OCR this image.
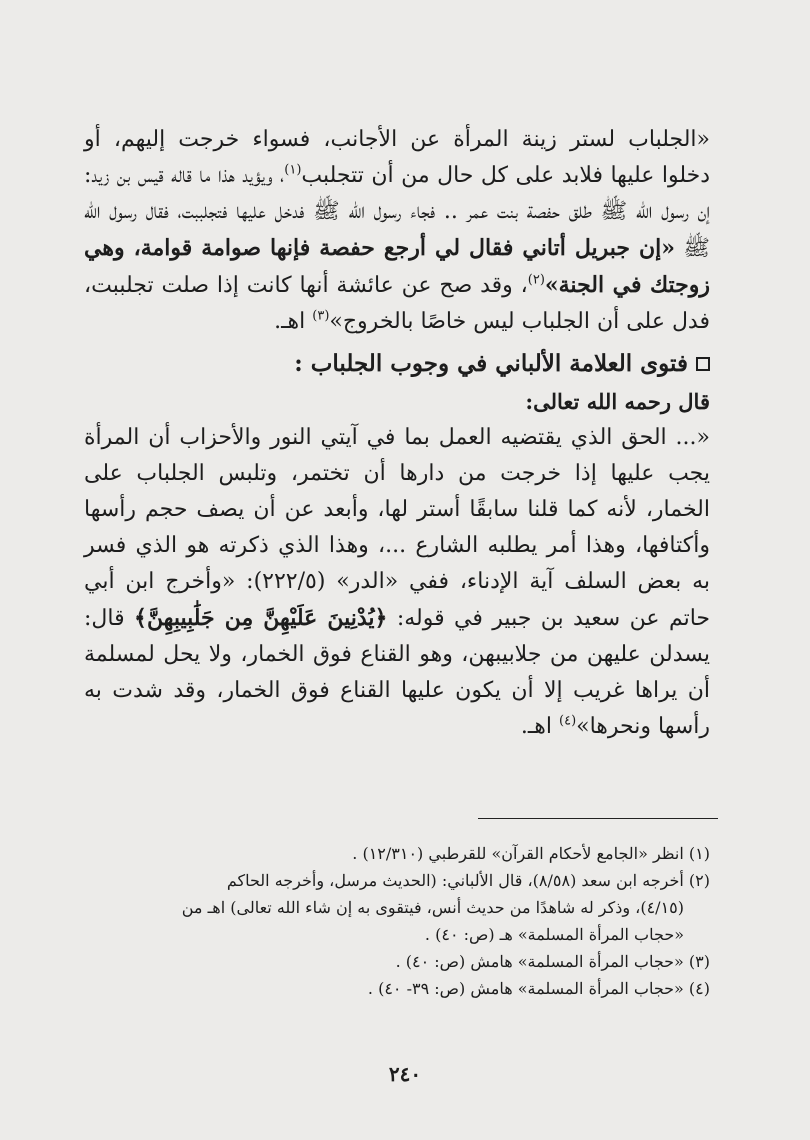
«الجلباب لستر زينة المرأة عن الأجانب، فسواء خرجت إليهم، أو دخلوا عليها فلابد على كل حال من أن تتجلبب$^{(١)}$، ويؤيد هذا ما قاله قيس بن زيد: إن رسول الله ﷺ طلق حفصة بنت عمر .. فجاء رسول الله ﷺ فدخل عليها فتجلببت، فقال رسول الله ﷺ «إن جبريل أتاني فقال لي أرجع حفصة فإنها صوامة قوامة، وهي زوجتك في الجنة»$^{(٢)}$، وقد صح عن عائشة أنها كانت إذا صلت تجلببت، فدل على أن الجلباب ليس خاصًا بالخروج»$^{(٣)}$ اهـ.

فتوى العلامة الألباني في وجوب الجلباب :

قال رحمه الله تعالى:

«... الحق الذي يقتضيه العمل بما في آيتي النور والأحزاب أن المرأة يجب عليها إذا خرجت من دارها أن تختمر، وتلبس الجلباب على الخمار، لأنه كما قلنا سابقًا أستر لها، وأبعد عن أن يصف حجم رأسها وأكتافها، وهذا أمر يطلبه الشارع ...، وهذا الذي ذكرته هو الذي فسر به بعض السلف آية الإدناء، ففي «الدر» (٢٢٢/٥): «وأخرج ابن أبي حاتم عن سعيد بن جبير في قوله: ﴿يُدْنِينَ عَلَيْهِنَّ مِن جَلَٰبِيبِهِنَّ﴾ قال: يسدلن عليهن من جلابيبهن، وهو القناع فوق الخمار، ولا يحل لمسلمة أن يراها غريب إلا أن يكون عليها القناع فوق الخمار، وقد شدت به رأسها ونحرها»$^{(٤)}$ اهـ.

(١) انظر «الجامع لأحكام القرآن» للقرطبي (١٢/٣١٠) .
(٢) أخرجه ابن سعد (٨/٥٨)، قال الألباني: (الحديث مرسل، وأخرجه الحاكم
(٤/١٥)، وذكر له شاهدًا من حديث أنس، فيتقوى به إن شاء الله تعالى) اهـ من
«حجاب المرأة المسلمة» هـ (ص: ٤٠) .
(٣) «حجاب المرأة المسلمة» هامش (ص: ٤٠) .
(٤) «حجاب المرأة المسلمة» هامش (ص: ٣٩- ٤٠) .
٢٤٠
